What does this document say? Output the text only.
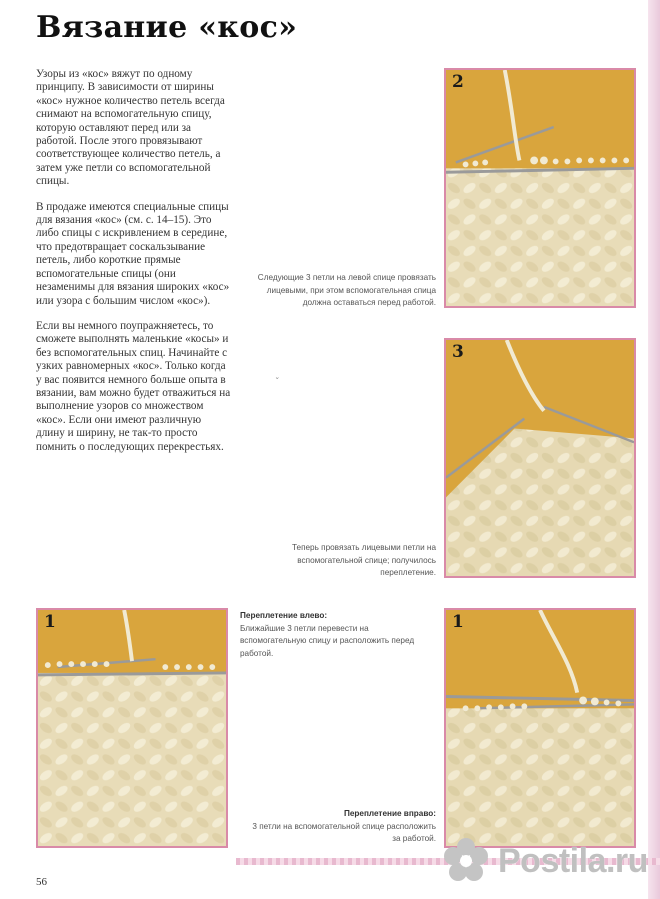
Вязание «кос»

Узоры из «кос» вяжут по одному принципу. В зависимости от ширины «кос» нужное количество петель всегда снимают на вспомогательную спицу, которую оставляют перед или за работой. После этого провязывают соответствующее количество петель, а затем уже петли со вспомогательной спицы.

В продаже имеются специальные спицы для вязания «кос» (см. с. 14–15). Это либо спицы с искривлением в середине, что предотвращает соскальзывание петель, либо короткие прямые вспомогательные спицы (они незаменимы для вязания широких «кос» или узора с большим числом «кос»).

Если вы немного поупражняетесь, то сможете выполнять маленькие «косы» и без вспомогательных спиц. Начинайте с узких равномерных «кос». Только когда у вас появится немного больше опыта в вязании, вам можно будет отважиться на выполнение узоров со множеством «кос». Если они имеют различную длину и ширину, не так-то просто помнить о последующих перекрестьях.

ˇ
2
Следующие 3 петли на левой спице провязать лицевыми, при этом вспомогательная спица должна оставаться перед работой.
3
Теперь провязать лицевыми петли на вспомогательной спице; получилось переплетение.
1	Переплетение влево:
Ближайшие 3 петли перевести на вспомогательную спицу и расположить перед работой.
1
Переплетение вправо:
3 петли на вспомогательной спице расположить за работой.
Postila.ru
56
